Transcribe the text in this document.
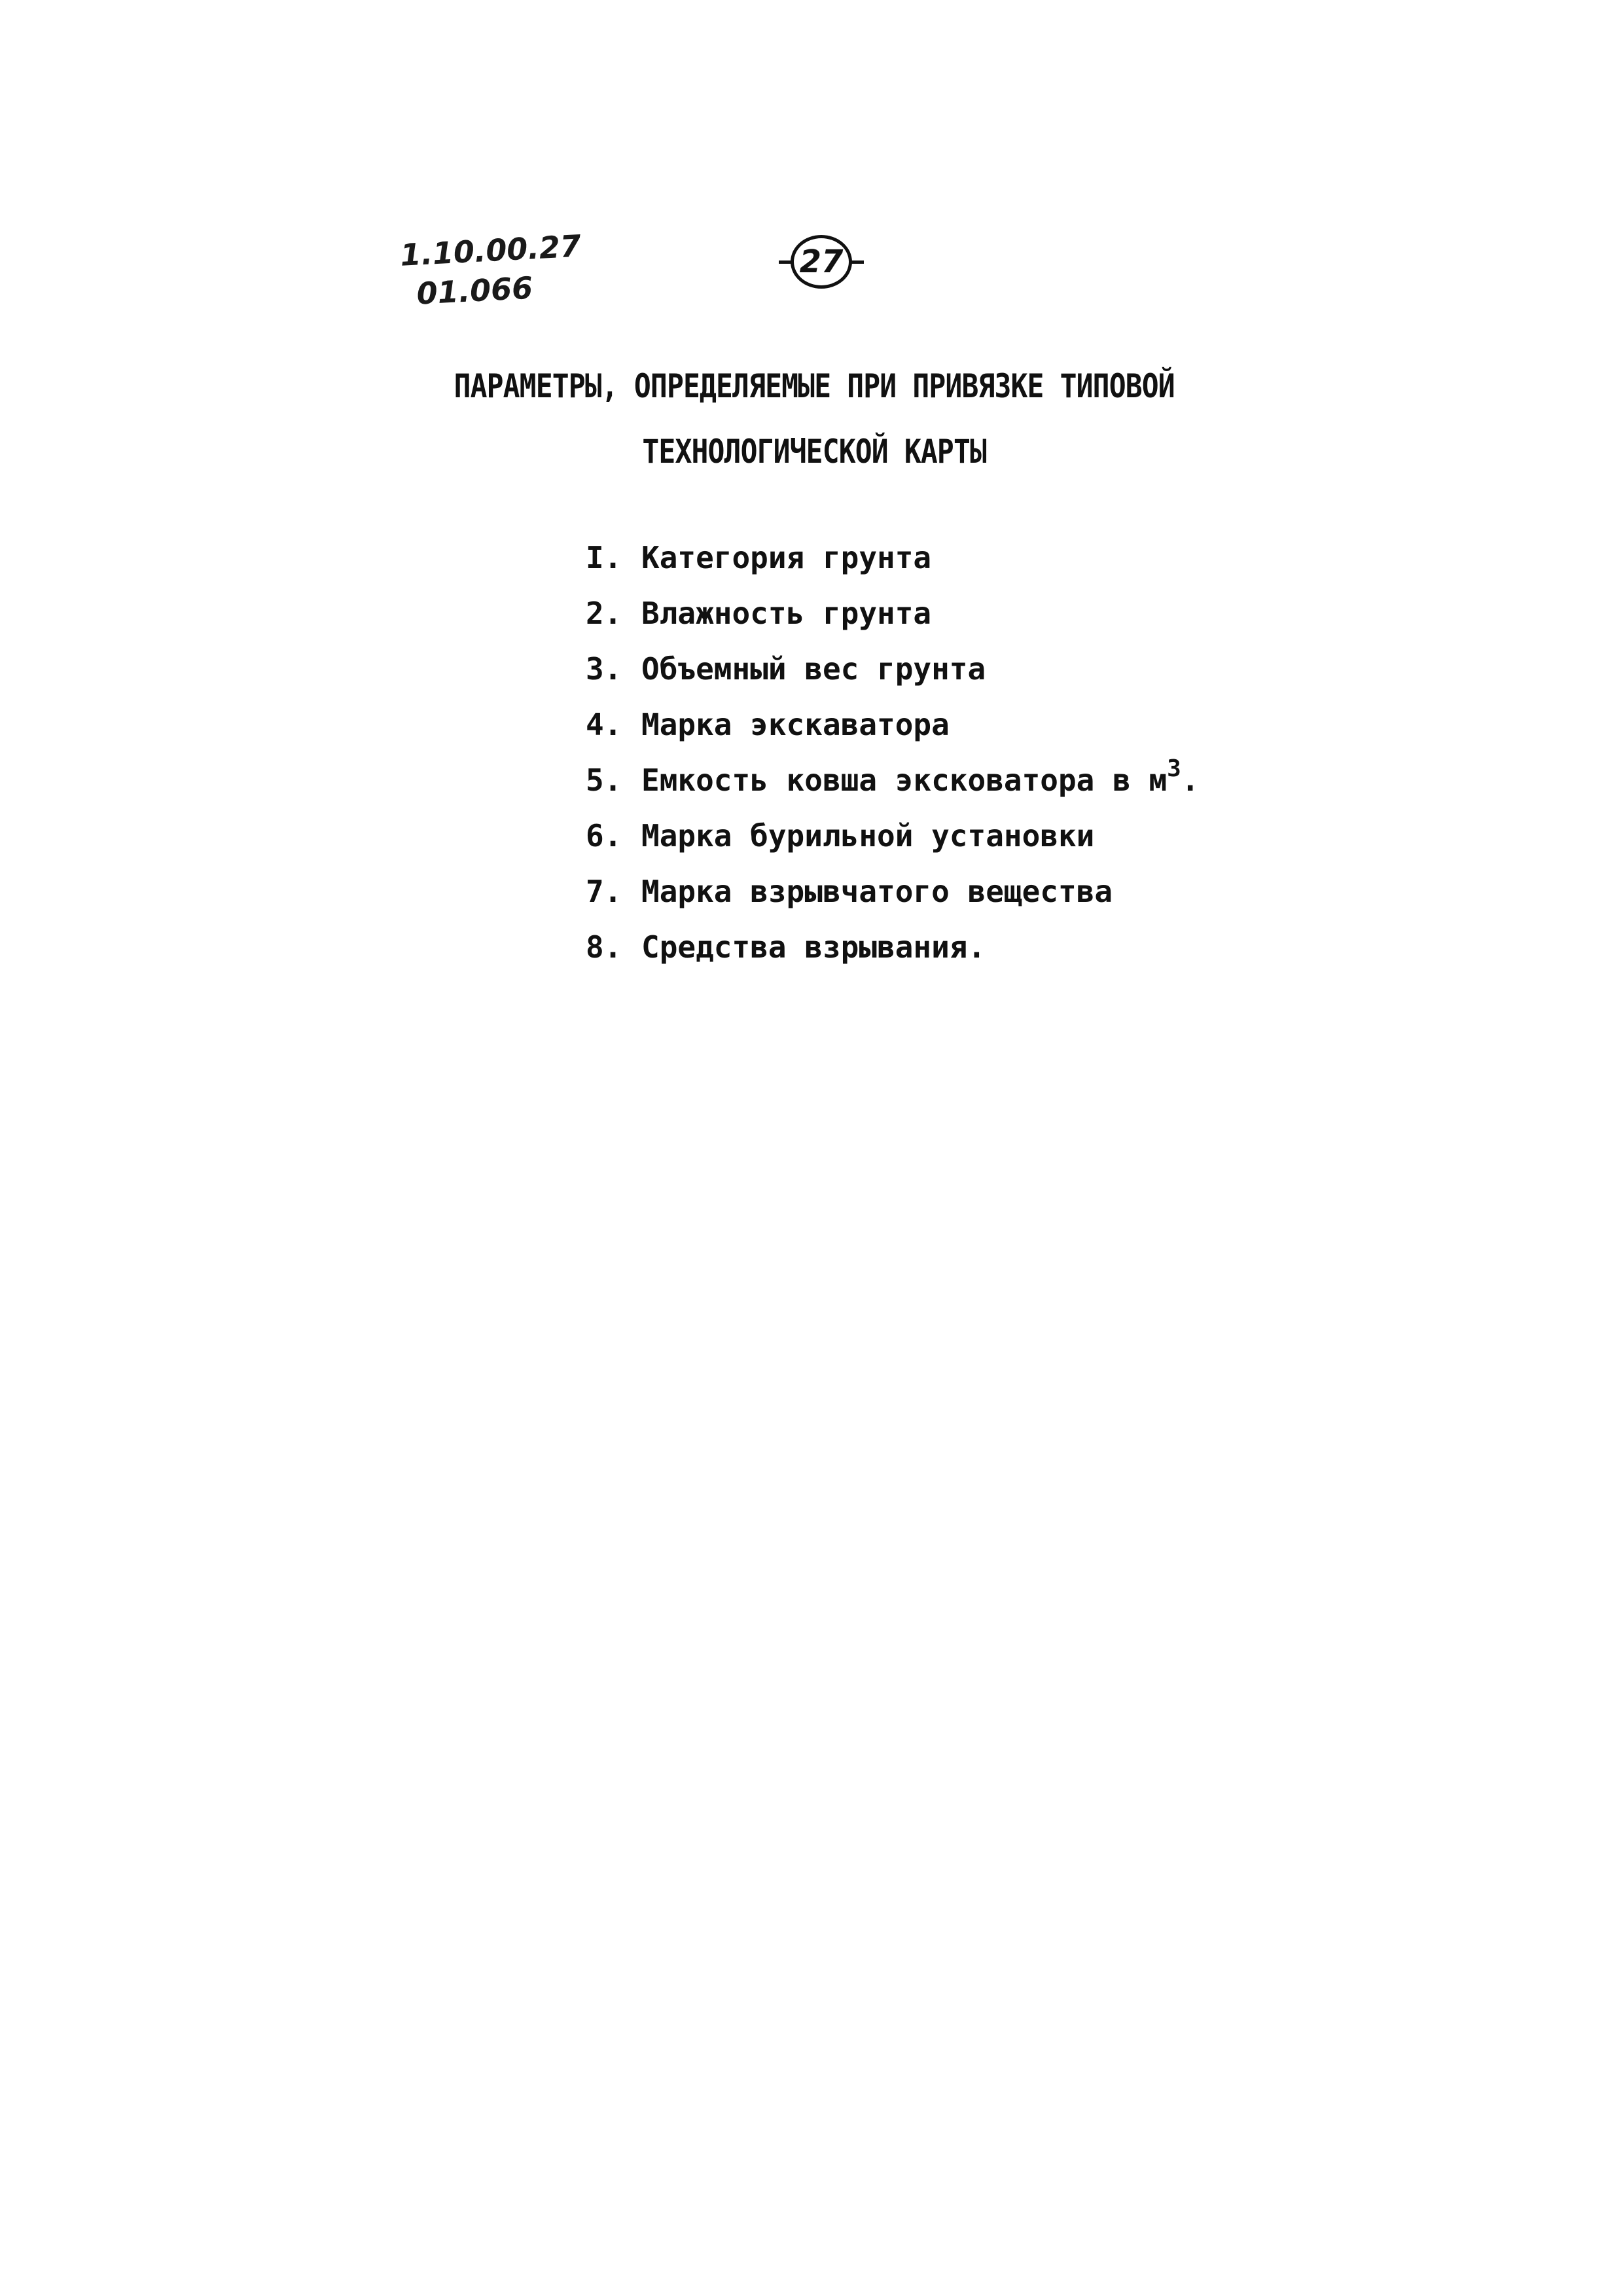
1.10.00.27
01.066
27
ПАРАМЕТРЫ, ОПРЕДЕЛЯЕМЫЕ ПРИ ПРИВЯЗКЕ ТИПОВОЙ
ТЕХНОЛОГИЧЕСКОЙ КАРТЫ
I. Категория грунта
2. Влажность грунта
3. Объемный вес грунта
4. Марка экскаватора
5. Емкость ковша эксковатора в $м^3$.
6. Марка бурильной установки
7. Марка взрывчатого вещества
8. Средства взрывания.
